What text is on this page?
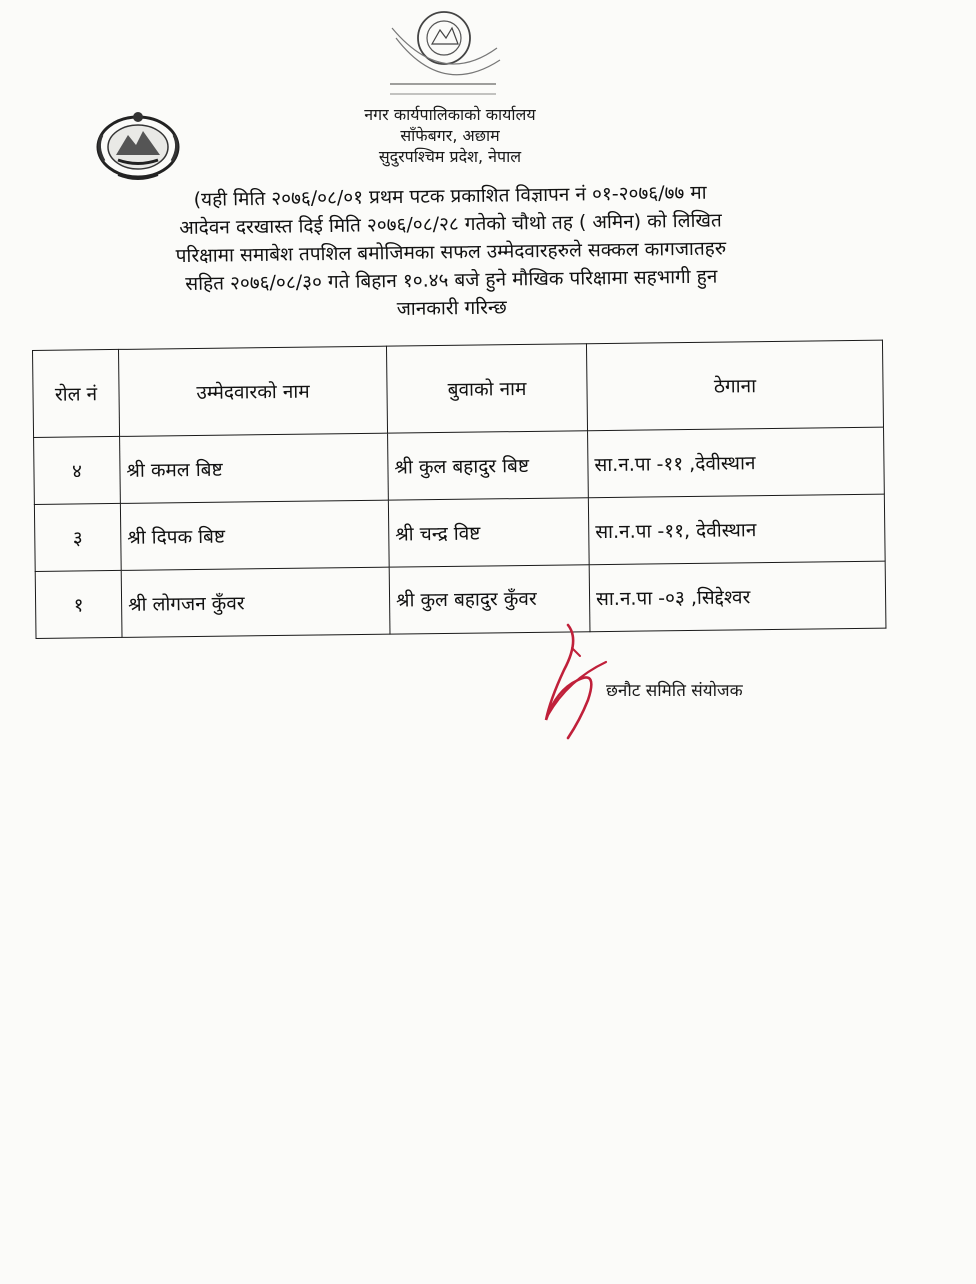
नगर कार्यपालिकाको कार्यालय
साँफेबगर, अछाम
सुदुरपश्चिम प्रदेश, नेपाल
(यही मिति २०७६/०८/०१ प्रथम पटक प्रकाशित विज्ञापन नं ०१-२०७६/७७ मा
आदेवन दरखास्त दिई मिति २०७६/०८/२८ गतेको चौथो तह ( अमिन) को लिखित
परिक्षामा समाबेश तपशिल बमोजिमका सफल उम्मेदवारहरुले सक्कल कागजातहरु
सहित २०७६/०८/३० गते बिहान १०.४५ बजे हुने मौखिक परिक्षामा सहभागी हुन
जानकारी गरिन्छ
रोल नं	उम्मेदवारको नाम	बुवाको नाम	ठेगाना
४	श्री कमल बिष्ट	श्री कुल बहादुर बिष्ट	सा.न.पा -११ ,देवीस्थान
३	श्री दिपक बिष्ट	श्री चन्द्र विष्ट	सा.न.पा -११, देवीस्थान
१	श्री लोगजन कुँवर	श्री कुल बहादुर कुँवर	सा.न.पा -०३ ,सिद्देश्वर
छनौट समिति संयोजक
